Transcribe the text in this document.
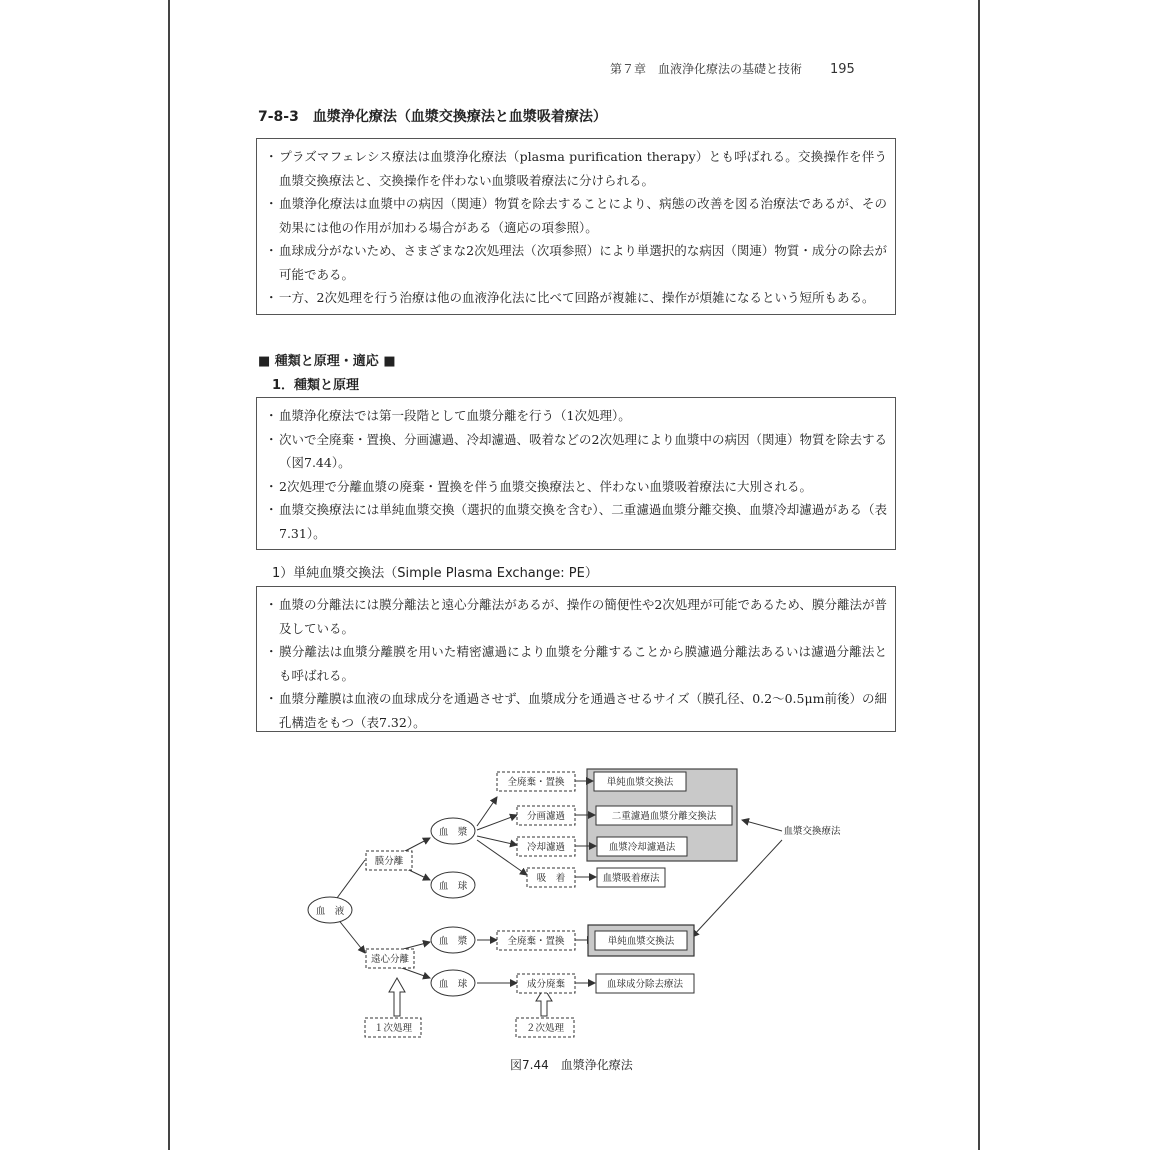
第７章　血液浄化療法の基礎と技術 195
7-8-3　血漿浄化療法（血漿交換療法と血漿吸着療法）
・ プラズマフェレシス療法は血漿浄化療法（plasma purification therapy）とも呼ばれる。交換操作を伴う血漿交換療法と、交換操作を伴わない血漿吸着療法に分けられる。
・ 血漿浄化療法は血漿中の病因（関連）物質を除去することにより、病態の改善を図る治療法であるが、その効果には他の作用が加わる場合がある（適応の項参照）。
・ 血球成分がないため、さまざまな2次処理法（次項参照）により単選択的な病因（関連）物質・成分の除去が可能である。
・ 一方、2次処理を行う治療は他の血液浄化法に比べて回路が複雑に、操作が煩雑になるという短所もある。
■ 種類と原理・適応 ■
1．種類と原理
・ 血漿浄化療法では第一段階として血漿分離を行う（1次処理）。
・ 次いで全廃棄・置換、分画濾過、冷却濾過、吸着などの2次処理により血漿中の病因（関連）物質を除去する（図7.44）。
・ 2次処理で分離血漿の廃棄・置換を伴う血漿交換療法と、伴わない血漿吸着療法に大別される。
・ 血漿交換療法には単純血漿交換（選択的血漿交換を含む）、二重濾過血漿分離交換、血漿冷却濾過がある（表7.31）。
1）単純血漿交換法（Simple Plasma Exchange: PE）
・ 血漿の分離法には膜分離法と遠心分離法があるが、操作の簡便性や2次処理が可能であるため、膜分離法が普及している。
・ 膜分離法は血漿分離膜を用いた精密濾過により血漿を分離することから膜濾過分離法あるいは濾過分離法とも呼ばれる。
・ 血漿分離膜は血液の血球成分を通過させず、血漿成分を通過させるサイズ（膜孔径、0.2～0.5μm前後）の細孔構造をもつ（表7.32）。
血　液
血　漿
血　球
血　漿
血　球
膜分離
遠心分離
全廃棄・置換
分画濾過
冷却濾過
吸　着
全廃棄・置換
成分廃棄
単純血漿交換法
二重濾過血漿分離交換法
血漿冷却濾過法
血漿吸着療法
単純血漿交換法
血球成分除去療法
１次処理	２次処理
血漿交換療法
図7.44　血漿浄化療法
